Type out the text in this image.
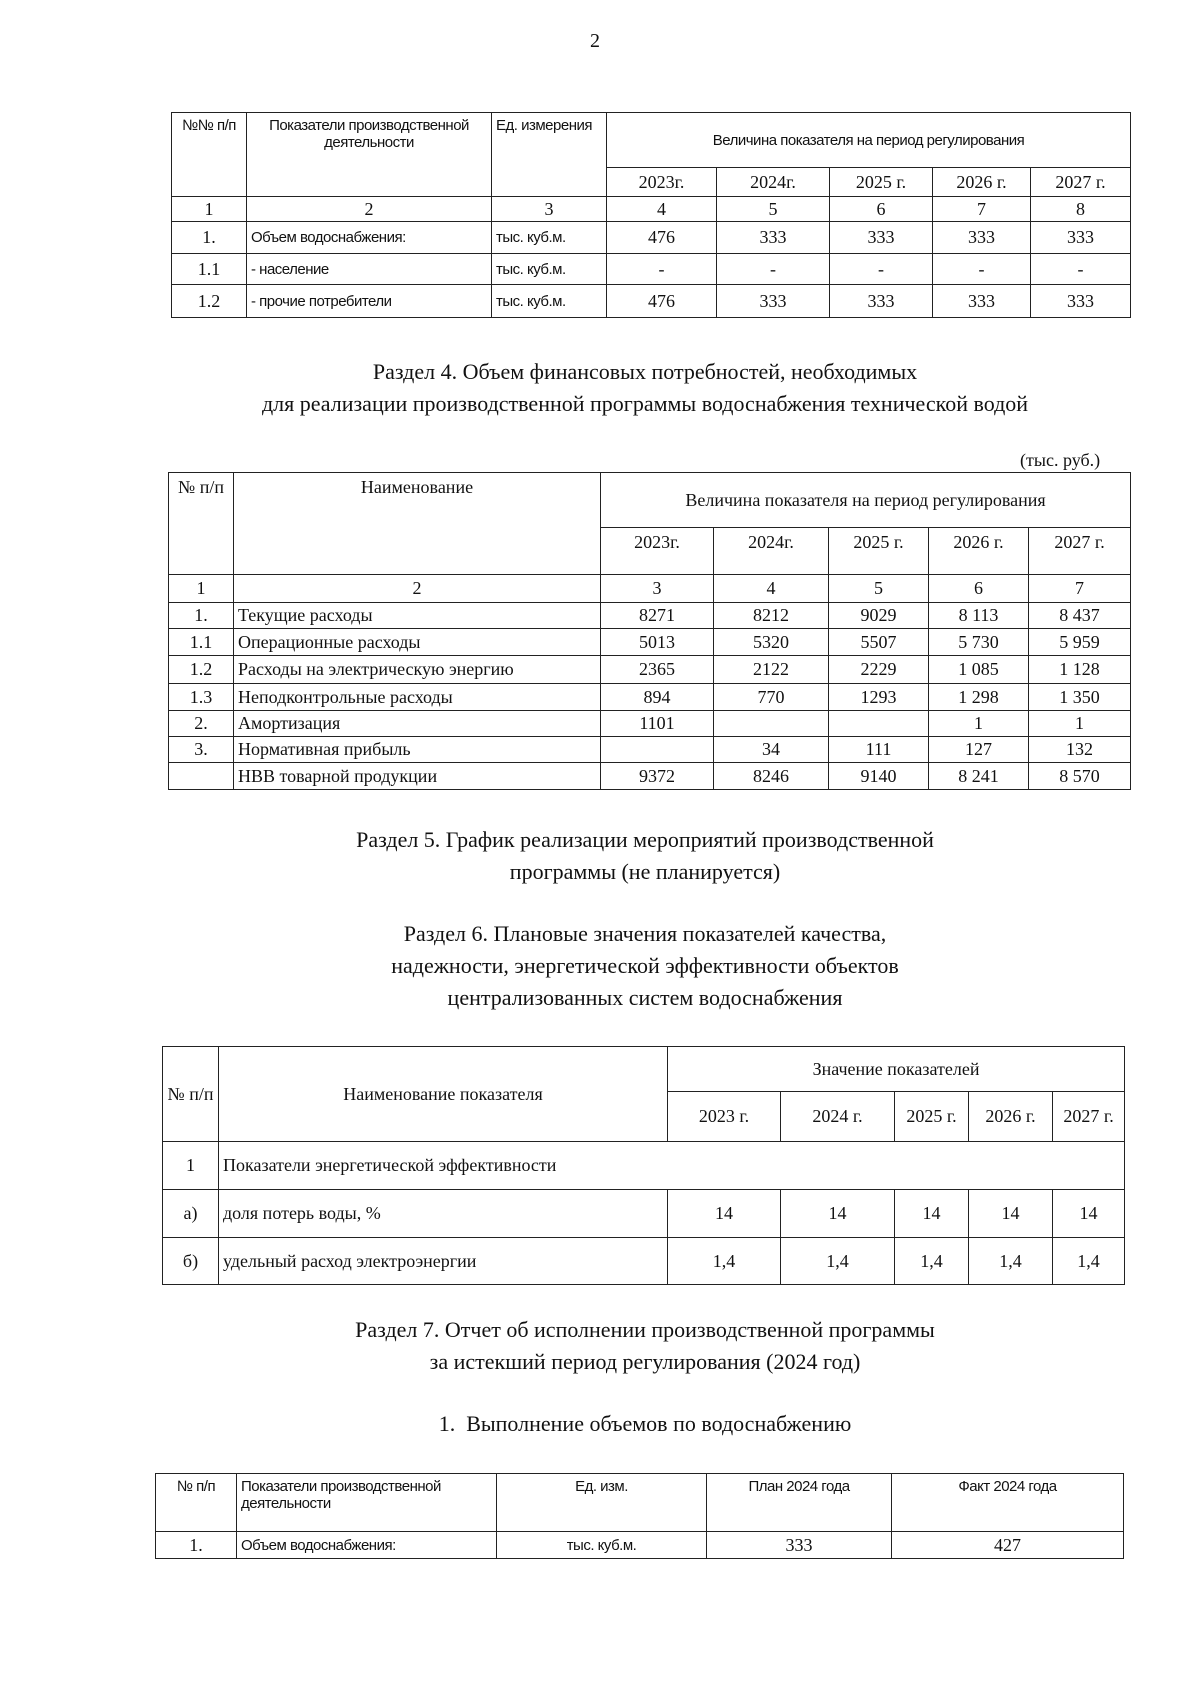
2
№№ п/п	Показатели производственной деятельности	Ед. измерения	Величина показателя на период регулирования				
			2023г.	2024г.	2025 г.	2026 г.	2027 г.
1	2	3	4	5	6	7	8
1.	Объем водоснабжения:	тыс. куб.м.	476	333	333	333	333
1.1	- население	тыс. куб.м.	-	-	-	-	-
1.2	- прочие потребители	тыс. куб.м.	476	333	333	333	333
Раздел 4. Объем финансовых потребностей, необходимых
для реализации производственной программы водоснабжения технической водой
(тыс. руб.)
№ п/п	Наименование	Величина показателя на период регулирования				
		2023г.	2024г.	2025 г.	2026 г.	2027 г.
1	2	3	4	5	6	7
1.	Текущие расходы	8271	8212	9029	8 113	8 437
1.1	Операционные расходы	5013	5320	5507	5 730	5 959
1.2	Расходы на электрическую энергию	2365	2122	2229	1 085	1 128
1.3	Неподконтрольные расходы	894	770	1293	1 298	1 350
2.	Амортизация	1101			1	1
3.	Нормативная прибыль		34	111	127	132
	НВВ товарной продукции	9372	8246	9140	8 241	8 570
Раздел 5. График реализации мероприятий производственной
программы (не планируется)
Раздел 6. Плановые значения показателей качества,
надежности, энергетической эффективности объектов
централизованных систем водоснабжения
№ п/п	Наименование показателя	Значение показателей				
		2023 г.	2024 г.	2025 г.	2026 г.	2027 г.
1	Показатели энергетической эффективности					
а)	доля потерь воды, %	14	14	14	14	14
б)	удельный расход электроэнергии	1,4	1,4	1,4	1,4	1,4
Раздел 7. Отчет об исполнении производственной программы
за истекший период регулирования (2024 год)
1.  Выполнение объемов по водоснабжению
№ п/п	Показатели производственной деятельности	Ед. изм.	План 2024 года	Факт 2024 года
1.	Объем водоснабжения:	тыс. куб.м.	333	427
